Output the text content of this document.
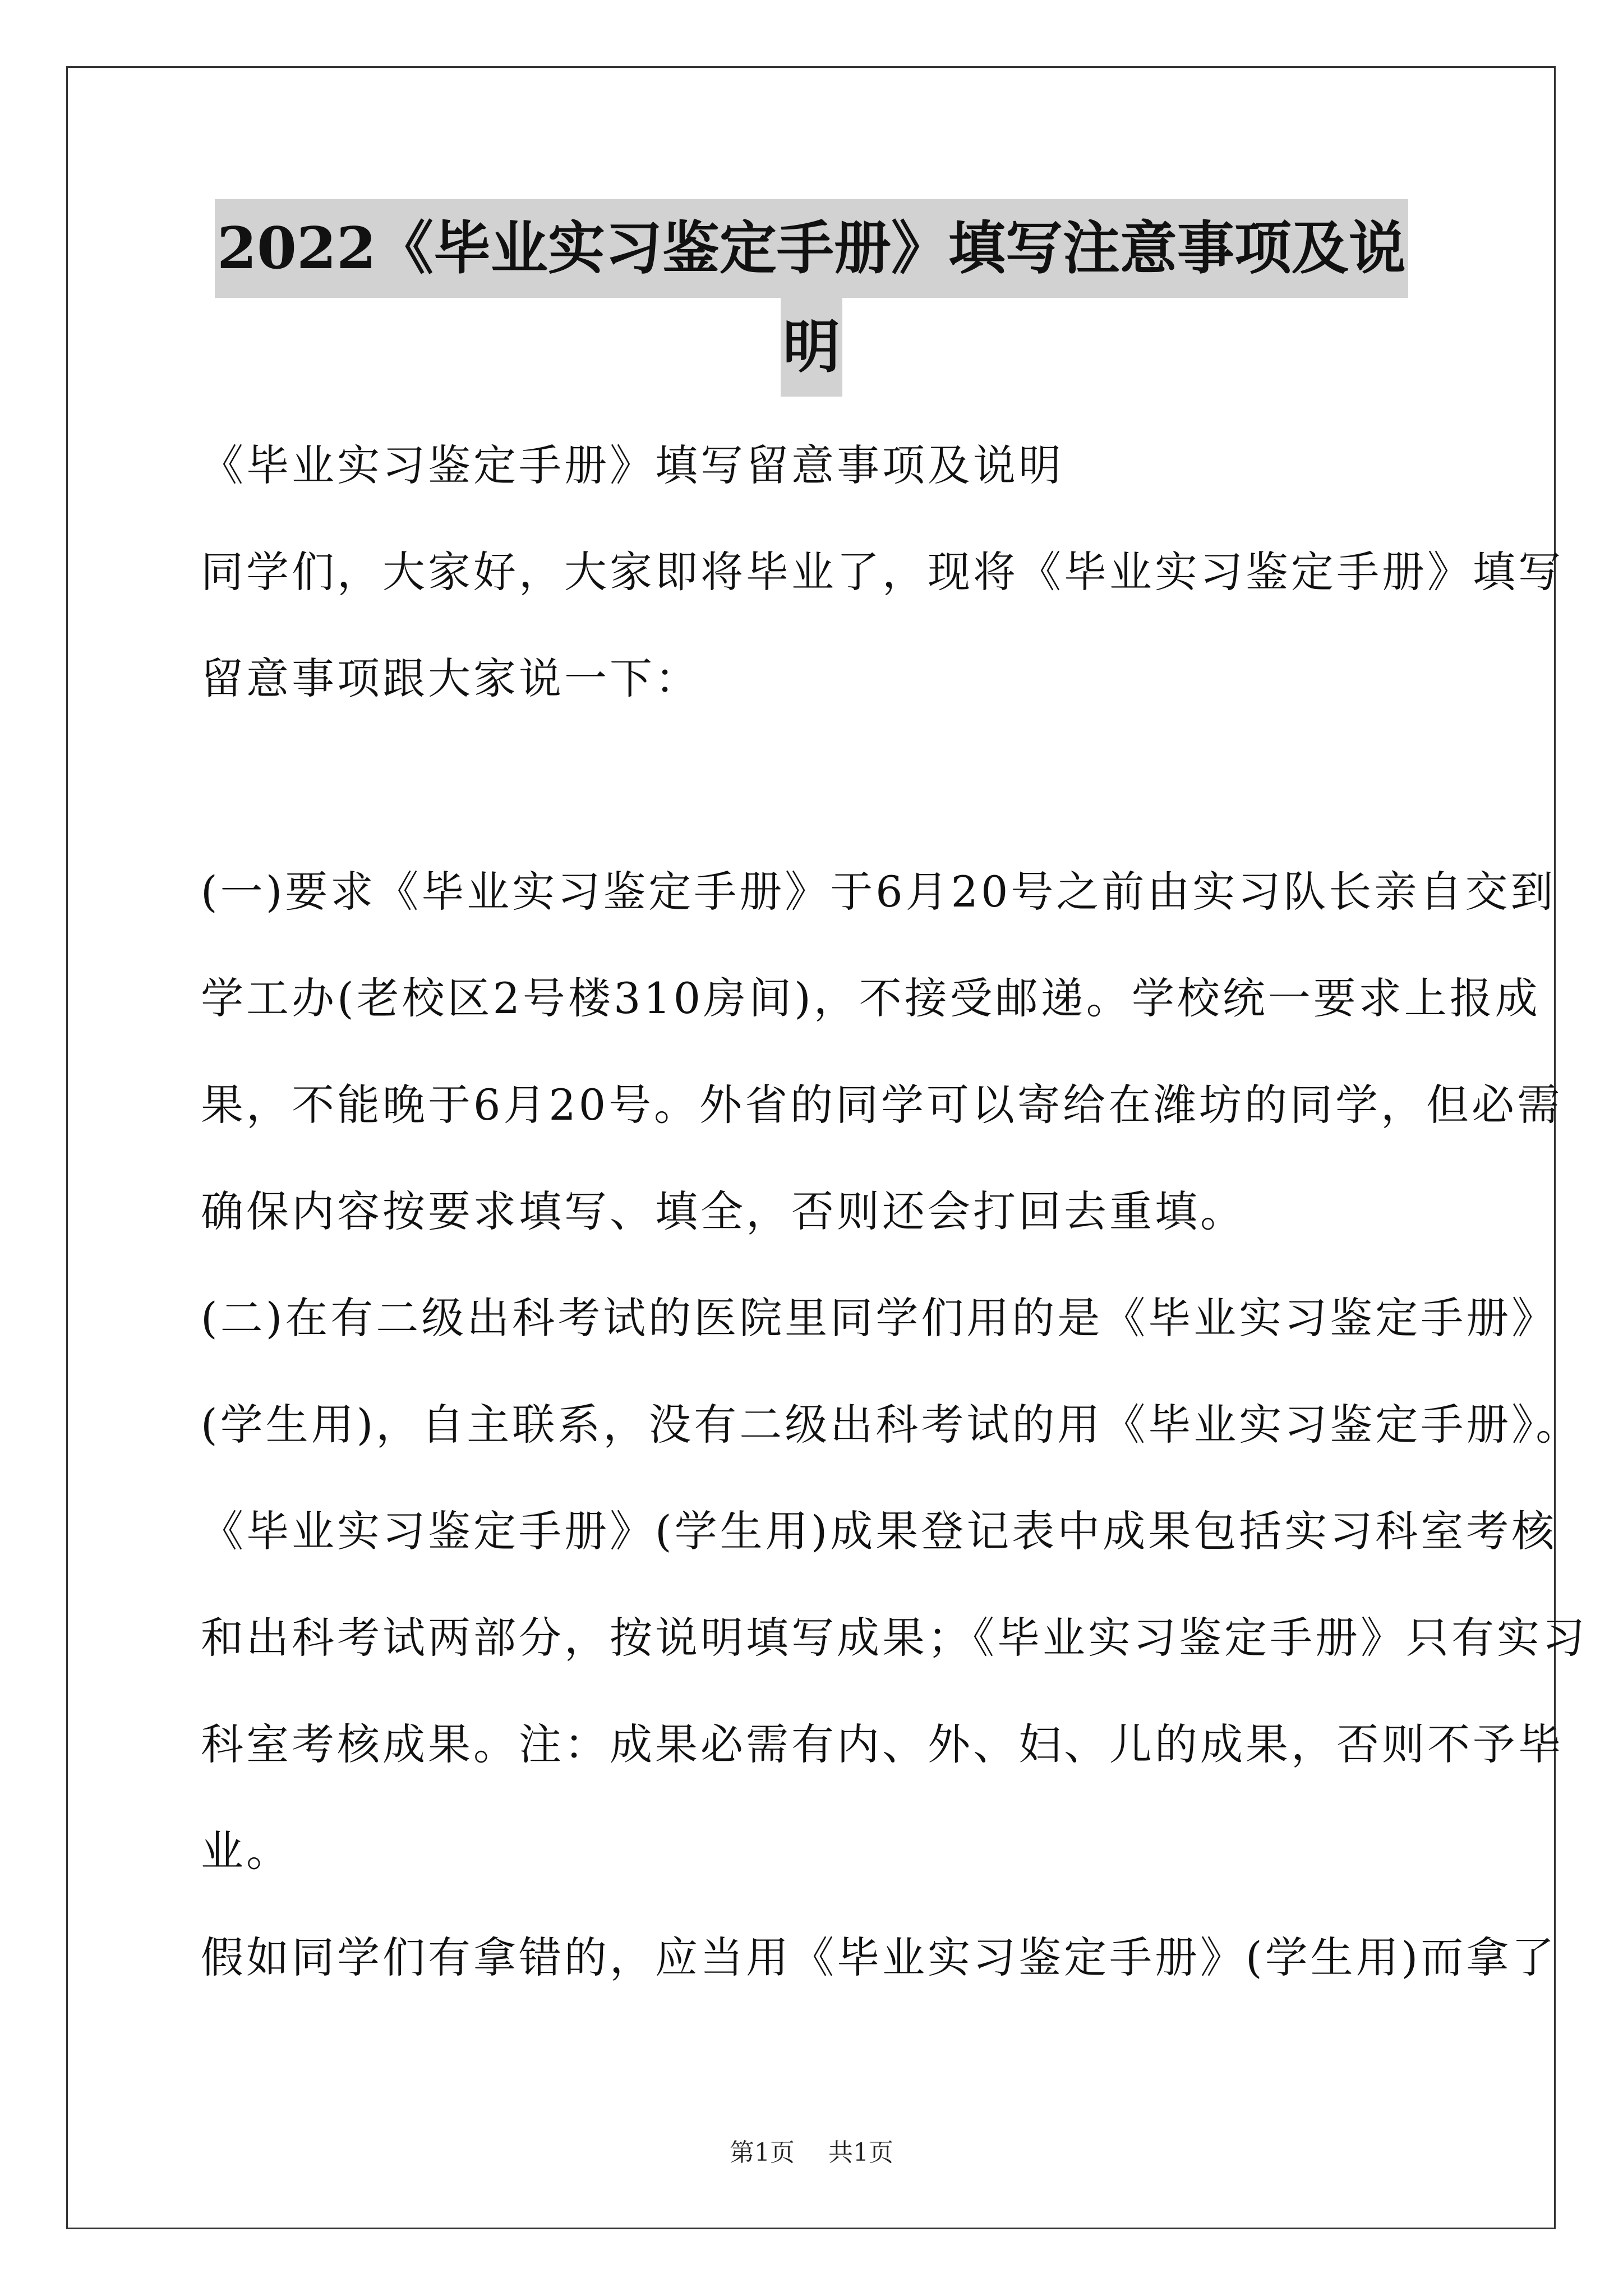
2022《毕业实习鉴定手册》填写注意事项及说
明
《毕业实习鉴定手册》填写留意事项及说明
同学们，大家好，大家即将毕业了，现将《毕业实习鉴定手册》填写
留意事项跟大家说一下：
(一)要求《毕业实习鉴定手册》于6月20号之前由实习队长亲自交到
学工办(老校区2号楼310房间)，不接受邮递。学校统一要求上报成
果，不能晚于6月20号。外省的同学可以寄给在潍坊的同学，但必需
确保内容按要求填写、填全，否则还会打回去重填。
(二)在有二级出科考试的医院里同学们用的是《毕业实习鉴定手册》
(学生用)，自主联系，没有二级出科考试的用《毕业实习鉴定手册》。
《毕业实习鉴定手册》(学生用)成果登记表中成果包括实习科室考核
和出科考试两部分，按说明填写成果；《毕业实习鉴定手册》只有实习
科室考核成果。注：成果必需有内、外、妇、儿的成果，否则不予毕
业。
假如同学们有拿错的，应当用《毕业实习鉴定手册》(学生用)而拿了
第1页 共1页
